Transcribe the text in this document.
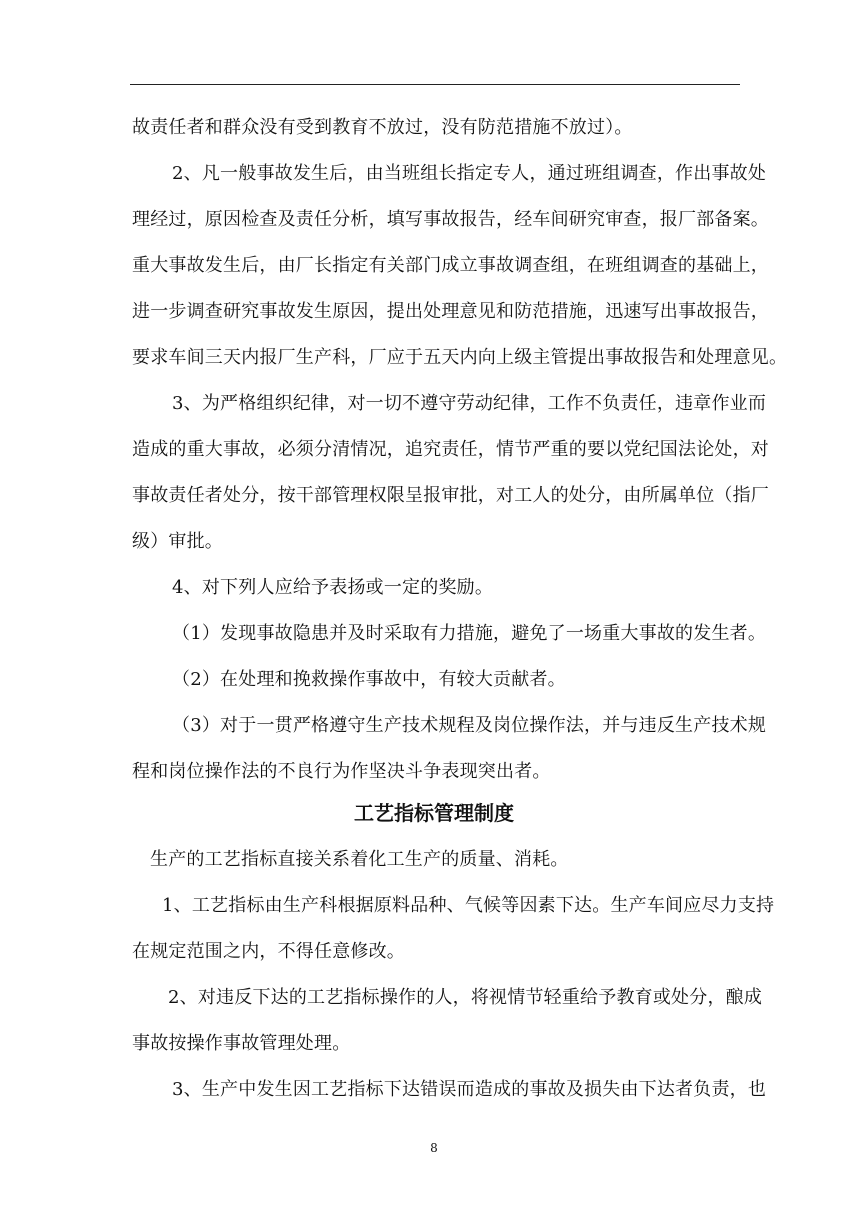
故责任者和群众没有受到教育不放过，没有防范措施不放过）。
2、凡一般事故发生后，由当班组长指定专人，通过班组调查，作出事故处
理经过，原因检查及责任分析，填写事故报告，经车间研究审查，报厂部备案。
重大事故发生后，由厂长指定有关部门成立事故调查组，在班组调查的基础上，
进一步调查研究事故发生原因，提出处理意见和防范措施，迅速写出事故报告，
要求车间三天内报厂生产科，厂应于五天内向上级主管提出事故报告和处理意见。
3、为严格组织纪律，对一切不遵守劳动纪律，工作不负责任，违章作业而
造成的重大事故，必须分清情况，追究责任，情节严重的要以党纪国法论处，对
事故责任者处分，按干部管理权限呈报审批，对工人的处分，由所属单位（指厂
级）审批。
4、对下列人应给予表扬或一定的奖励。
（1）发现事故隐患并及时采取有力措施，避免了一场重大事故的发生者。
（2）在处理和挽救操作事故中，有较大贡献者。
（3）对于一贯严格遵守生产技术规程及岗位操作法，并与违反生产技术规
程和岗位操作法的不良行为作坚决斗争表现突出者。
工艺指标管理制度
生产的工艺指标直接关系着化工生产的质量、消耗。
1、工艺指标由生产科根据原料品种、气候等因素下达。生产车间应尽力支持
在规定范围之内，不得任意修改。
2、对违反下达的工艺指标操作的人，将视情节轻重给予教育或处分，酿成
事故按操作事故管理处理。
3、生产中发生因工艺指标下达错误而造成的事故及损失由下达者负责，也
8
